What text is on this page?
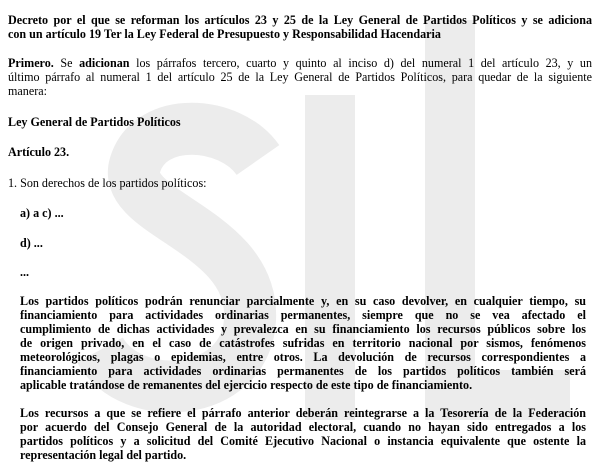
Decreto por el que se reforman los artículos 23 y 25 de la Ley General de Partidos Políticos y se adiciona
con un artículo 19 Ter la Ley Federal de Presupuesto y Responsabilidad Hacendaria
Primero. Se adicionan los párrafos tercero, cuarto y quinto al inciso d) del numeral 1 del artículo 23, y un
último párrafo al numeral 1 del artículo 25 de la Ley General de Partidos Políticos, para quedar de la siguiente
manera:
Ley General de Partidos Políticos
Artículo 23.
1. Son derechos de los partidos políticos:
a) a c) ...
d) ...
...
Los partidos políticos podrán renunciar parcialmente y, en su caso devolver, en cualquier tiempo, su
financiamiento para actividades ordinarias permanentes, siempre que no se vea afectado el
cumplimiento de dichas actividades y prevalezca en su financiamiento los recursos públicos sobre los
de origen privado, en el caso de catástrofes sufridas en territorio nacional por sismos, fenómenos
meteorológicos, plagas o epidemias, entre otros. La devolución de recursos correspondientes a
financiamiento para actividades ordinarias permanentes de los partidos políticos también será
aplicable tratándose de remanentes del ejercicio respecto de este tipo de financiamiento.
Los recursos a que se refiere el párrafo anterior deberán reintegrarse a la Tesorería de la Federación
por acuerdo del Consejo General de la autoridad electoral, cuando no hayan sido entregados a los
partidos políticos y a solicitud del Comité Ejecutivo Nacional o instancia equivalente que ostente la
representación legal del partido.
